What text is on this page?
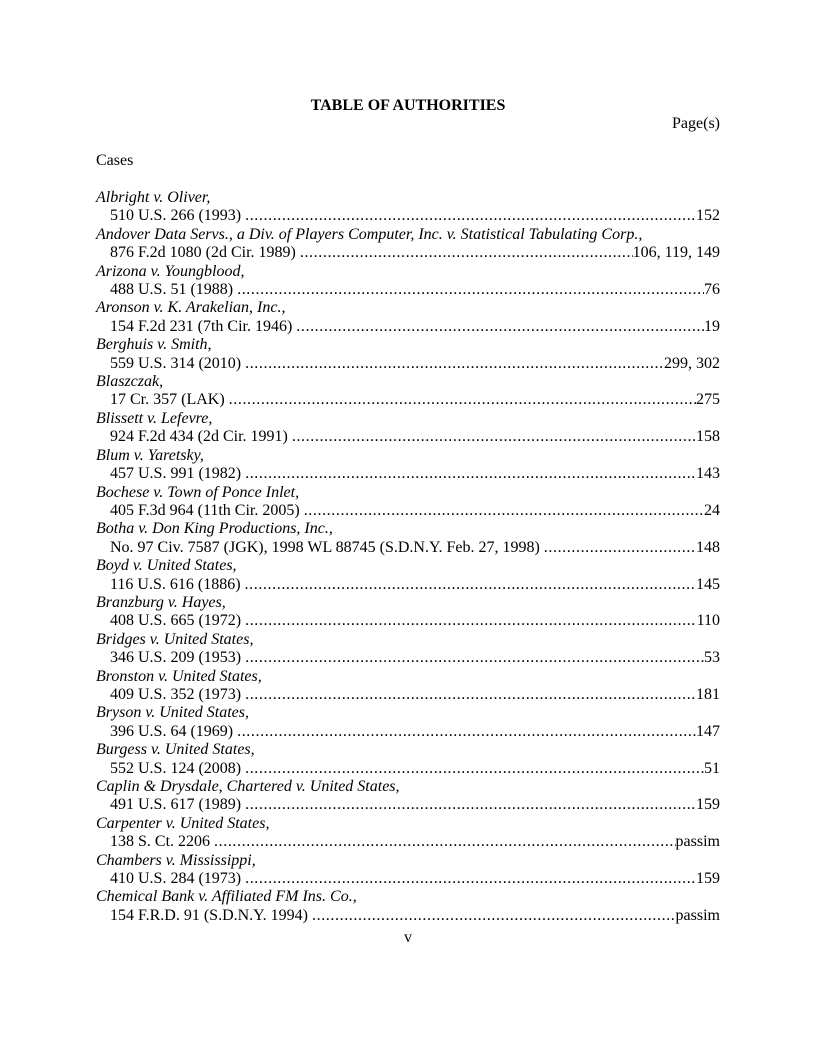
TABLE OF AUTHORITIES
Page(s)
Cases
Albright v. Oliver,
510 U.S. 266 (1993) .....	152
Andover Data Servs., a Div. of Players Computer, Inc. v. Statistical Tabulating Corp.,
876 F.2d 1080 (2d Cir. 1989) .....	106, 119, 149
Arizona v. Youngblood,
488 U.S. 51 (1988) .....	76
Aronson v. K. Arakelian, Inc.,
154 F.2d 231 (7th Cir. 1946) .....	19
Berghuis v. Smith,
559 U.S. 314 (2010) .....	299, 302
Blaszczak,
17 Cr. 357 (LAK) .....	275
Blissett v. Lefevre,
924 F.2d 434 (2d Cir. 1991) .....	158
Blum v. Yaretsky,
457 U.S. 991 (1982) .....	143
Bochese v. Town of Ponce Inlet,
405 F.3d 964 (11th Cir. 2005) .....	24
Botha v. Don King Productions, Inc.,
No. 97 Civ. 7587 (JGK), 1998 WL 88745 (S.D.N.Y. Feb. 27, 1998) .....	148
Boyd v. United States,
116 U.S. 616 (1886) .....	145
Branzburg v. Hayes,
408 U.S. 665 (1972) .....	110
Bridges v. United States,
346 U.S. 209 (1953) .....	53
Bronston v. United States,
409 U.S. 352 (1973) .....	181
Bryson v. United States,
396 U.S. 64 (1969) .....	147
Burgess v. United States,
552 U.S. 124 (2008) .....	51
Caplin & Drysdale, Chartered v. United States,
491 U.S. 617 (1989) .....	159
Carpenter v. United States,
138 S. Ct. 2206 .....	passim
Chambers v. Mississippi,
410 U.S. 284 (1973) .....	159
Chemical Bank v. Affiliated FM Ins. Co.,
154 F.R.D. 91 (S.D.N.Y. 1994) .....	passim
v
